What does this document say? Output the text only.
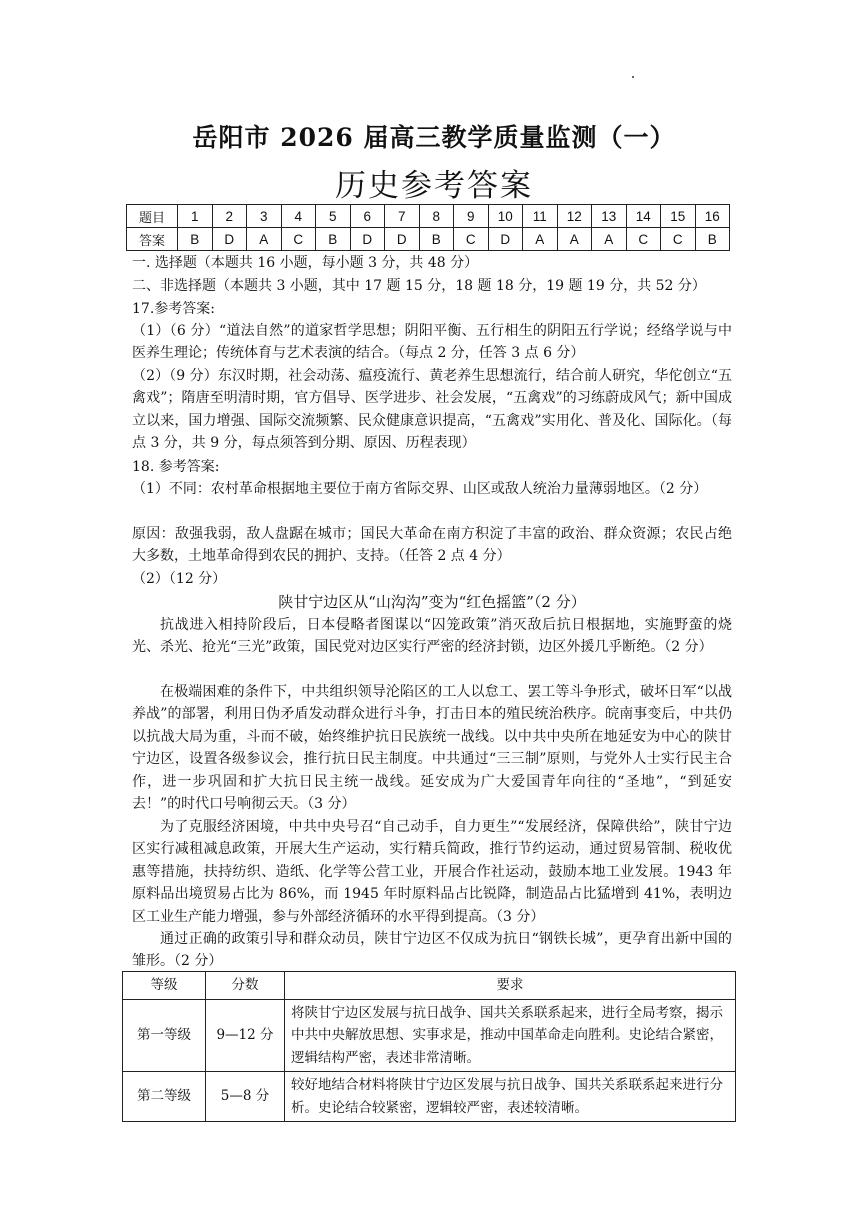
岳阳市 2026 届高三教学质量监测（一）
历史参考答案
题目	1	2	3	4	5	6	7	8	9	10	11	12	13	14	15	16
答案	B	D	A	C	B	D	D	B	C	D	A	A	A	C	C	B
一. 选择题（本题共 16 小题，每小题 3 分，共 48 分）
二、非选择题（本题共 3 小题，其中 17 题 15 分，18 题 18 分，19 题 19 分，共 52 分）
17.参考答案:
（1）（6 分）“道法自然”的道家哲学思想；阴阳平衡、五行相生的阴阳五行学说；经络学说与中医养生理论；传统体育与艺术表演的结合。（每点 2 分，任答 3 点 6 分）
（2）（9 分）东汉时期，社会动荡、瘟疫流行、黄老养生思想流行，结合前人研究，华佗创立“五禽戏”；隋唐至明清时期，官方倡导、医学进步、社会发展，“五禽戏”的习练蔚成风气；新中国成立以来，国力增强、国际交流频繁、民众健康意识提高，“五禽戏”实用化、普及化、国际化。（每点 3 分，共 9 分，每点须答到分期、原因、历程表现）
18. 参考答案:
（1）不同：农村革命根据地主要位于南方省际交界、山区或敌人统治力量薄弱地区。（2 分）
原因：敌强我弱，敌人盘踞在城市；国民大革命在南方积淀了丰富的政治、群众资源；农民占绝大多数，土地革命得到农民的拥护、支持。（任答 2 点 4 分）
（2）（12 分）
陕甘宁边区从“山沟沟”变为“红色摇篮”（2 分）
抗战进入相持阶段后，日本侵略者图谋以“囚笼政策”消灭敌后抗日根据地，实施野蛮的烧光、杀光、抢光“三光”政策，国民党对边区实行严密的经济封锁，边区外援几乎断绝。（2 分）
在极端困难的条件下，中共组织领导沦陷区的工人以怠工、罢工等斗争形式，破坏日军“以战养战”的部署，利用日伪矛盾发动群众进行斗争，打击日本的殖民统治秩序。皖南事变后，中共仍以抗战大局为重，斗而不破，始终维护抗日民族统一战线。以中共中央所在地延安为中心的陕甘宁边区，设置各级参议会，推行抗日民主制度。中共通过“三三制”原则，与党外人士实行民主合作，进一步巩固和扩大抗日民主统一战线。延安成为广大爱国青年向往的“圣地”，“到延安去！”的时代口号响彻云天。（3 分）
为了克服经济困境，中共中央号召“自己动手，自力更生”“发展经济，保障供给”，陕甘宁边区实行减租减息政策，开展大生产运动，实行精兵简政，推行节约运动，通过贸易管制、税收优惠等措施，扶持纺织、造纸、化学等公营工业，开展合作社运动，鼓励本地工业发展。1943 年原料品出境贸易占比为 86%，而 1945 年时原料品占比锐降，制造品占比猛增到 41%，表明边区工业生产能力增强，参与外部经济循环的水平得到提高。（3 分）
通过正确的政策引导和群众动员，陕甘宁边区不仅成为抗日“钢铁长城”，更孕育出新中国的雏形。（2 分）
等级	分数	要求
第一等级	9—12 分	将陕甘宁边区发展与抗日战争、国共关系联系起来，进行全局考察，揭示中共中央解放思想、实事求是，推动中国革命走向胜利。史论结合紧密，逻辑结构严密，表述非常清晰。
第二等级	5—8 分	较好地结合材料将陕甘宁边区发展与抗日战争、国共关系联系起来进行分析。史论结合较紧密，逻辑较严密，表述较清晰。
